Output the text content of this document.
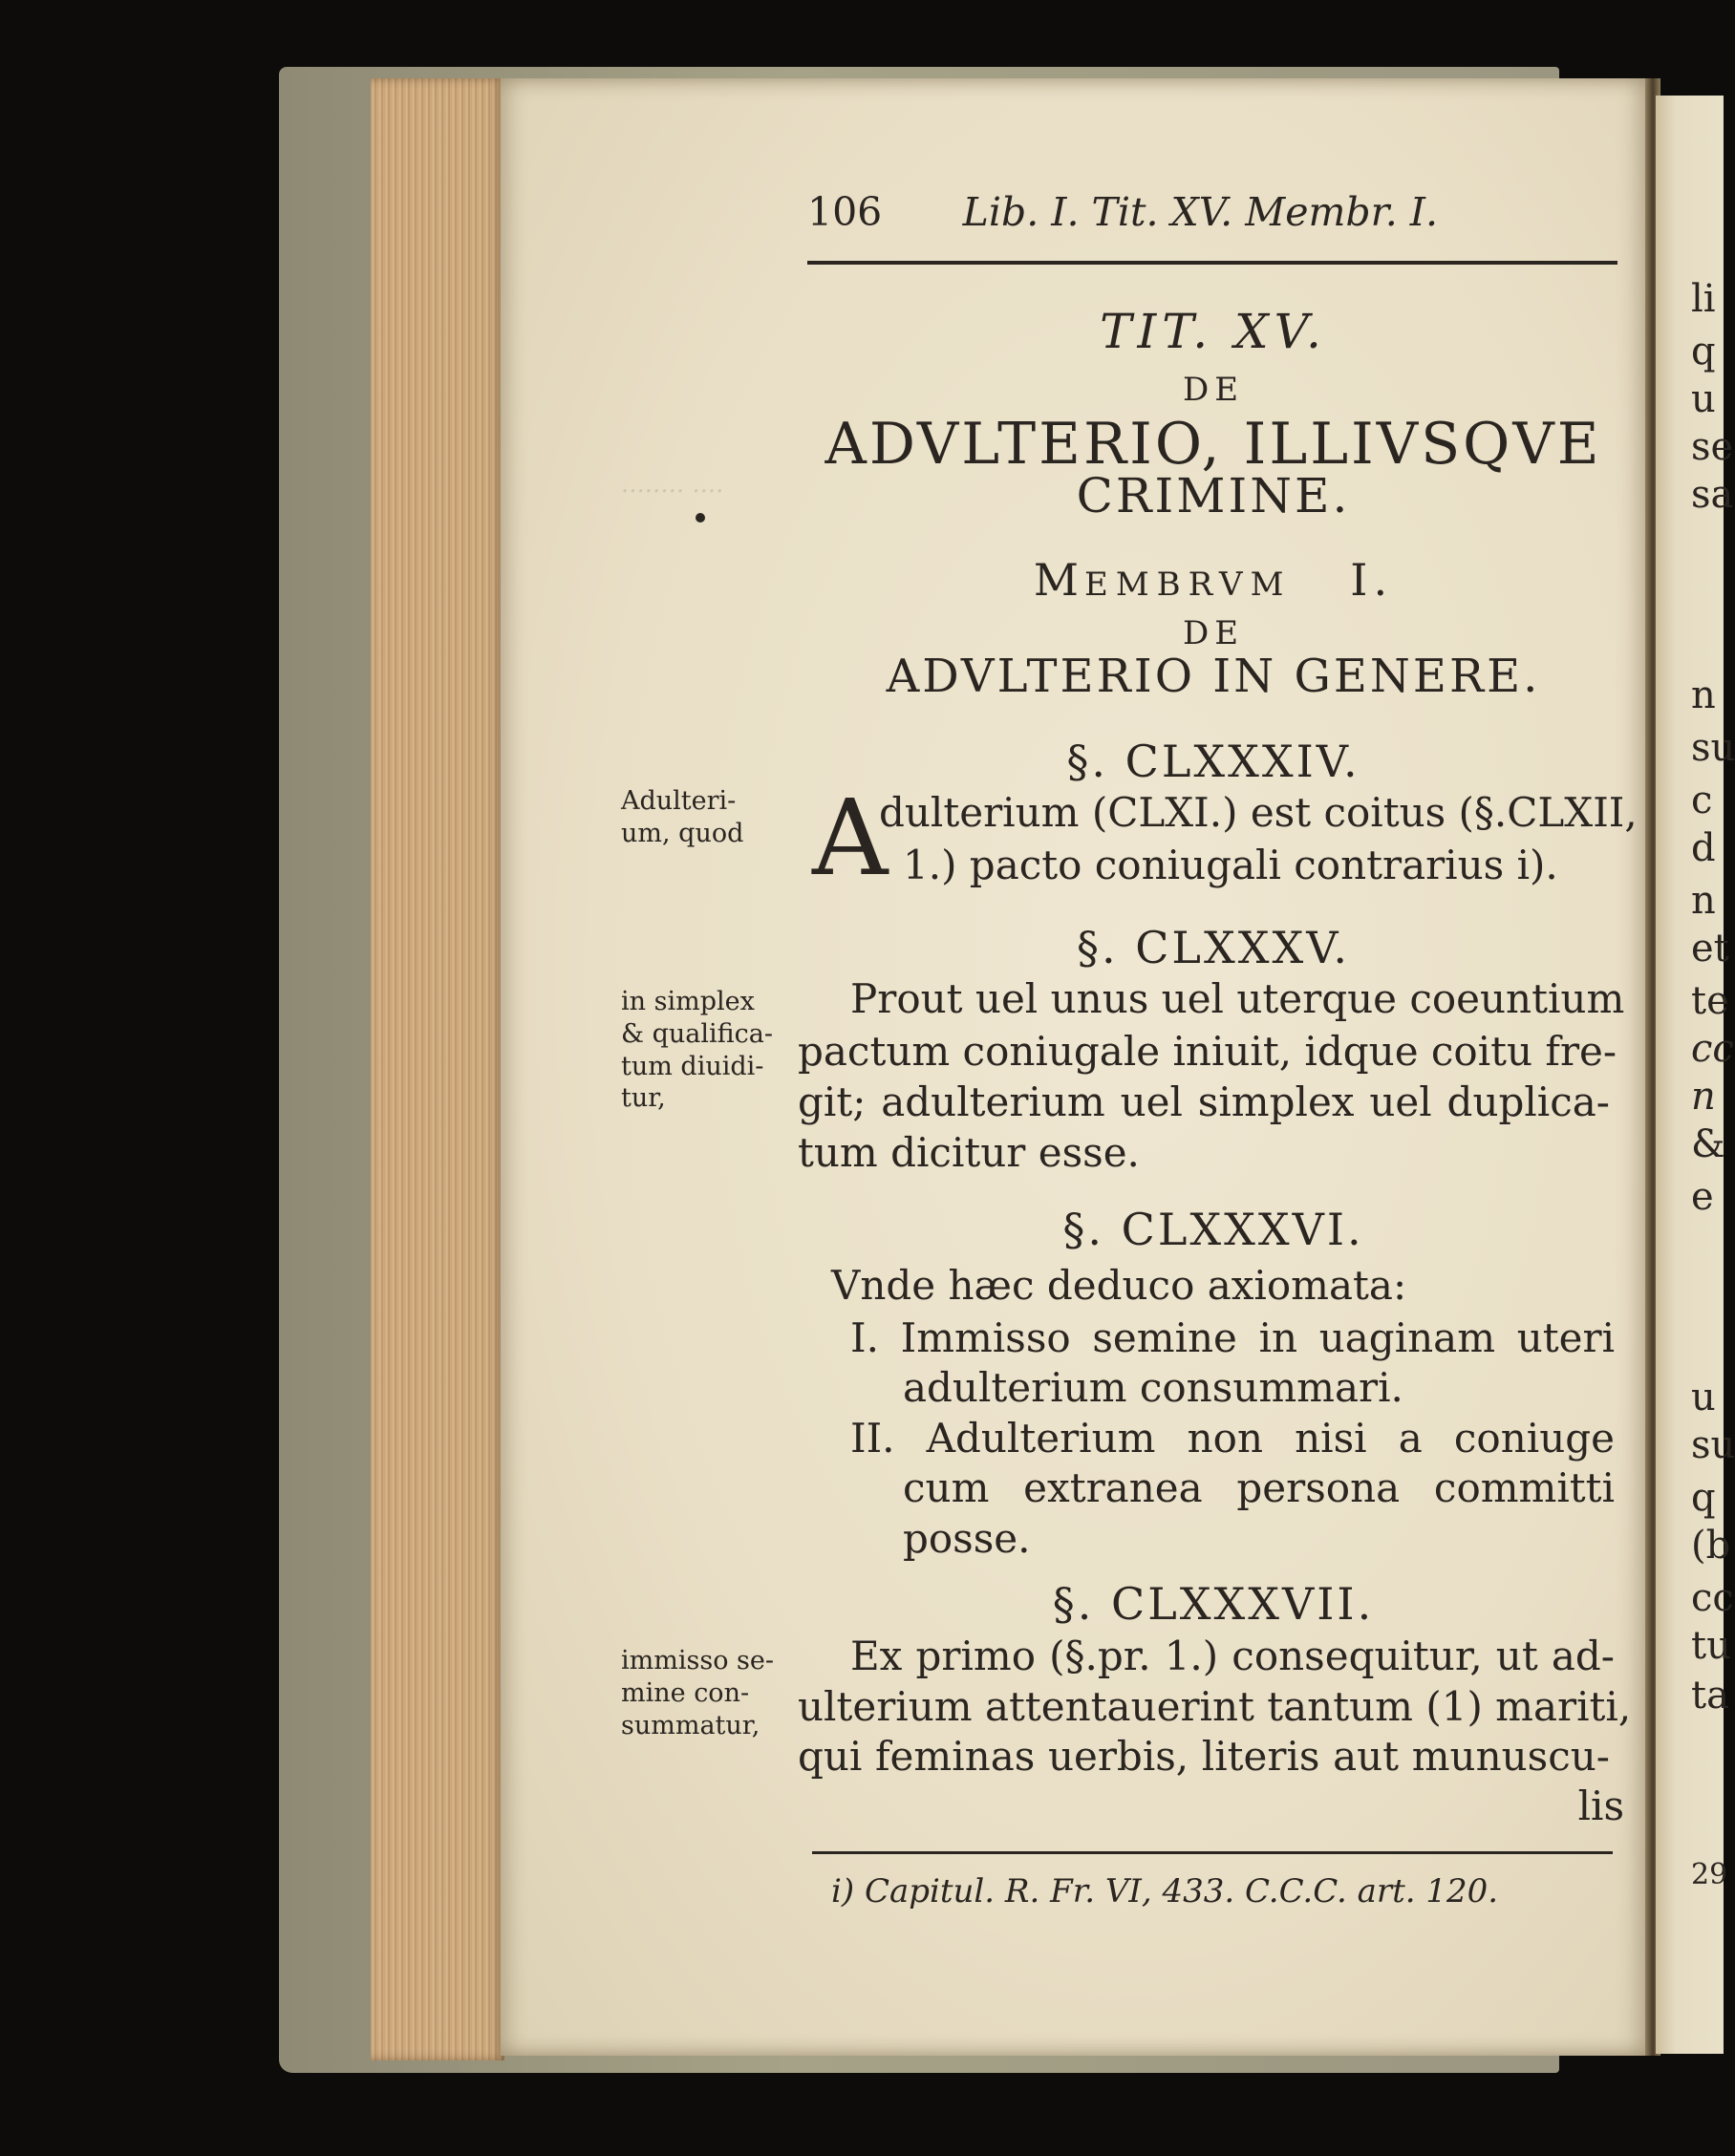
········ ····
106 Lib. I. Tit. XV. Membr. I.
TIT. XV.
DE
ADVLTERIO, ILLIVSQVE
CRIMINE.
MEMBRVM I.
DE
ADVLTERIO IN GENERE.
§. CLXXXIV.
Adulteri-
um, quod A
dulterium (CLXI.) est coitus (§.CLXII,
1.) pacto coniugali contrarius i).
§. CLXXXV.
in simplex
& qualifica-
tum diuidi-
tur,
Prout uel unus uel uterque coeuntium
pactum coniugale iniuit, idque coitu fre-
git; adulterium uel simplex uel duplica-
tum dicitur esse.
§. CLXXXVI.
Vnde hæc deduco axiomata:
I. Immisso semine in uaginam uteri
adulterium consummari.
II. Adulterium non nisi a coniuge
cum extranea persona committi
posse.
§. CLXXXVII.
immisso se-
mine con-
summatur,
Ex primo (§.pr. 1.) consequitur, ut ad-
ulterium attentauerint tantum (1) mariti,
qui feminas uerbis, literis aut munuscu-
lis
i) Capitul. R. Fr. VI, 433. C.C.C. art. 120.
li
q
u
se
sa
n
su
c
d
n
et
te
cc
n
&
e
u
su
q
(b
cc
tu
ta
29
